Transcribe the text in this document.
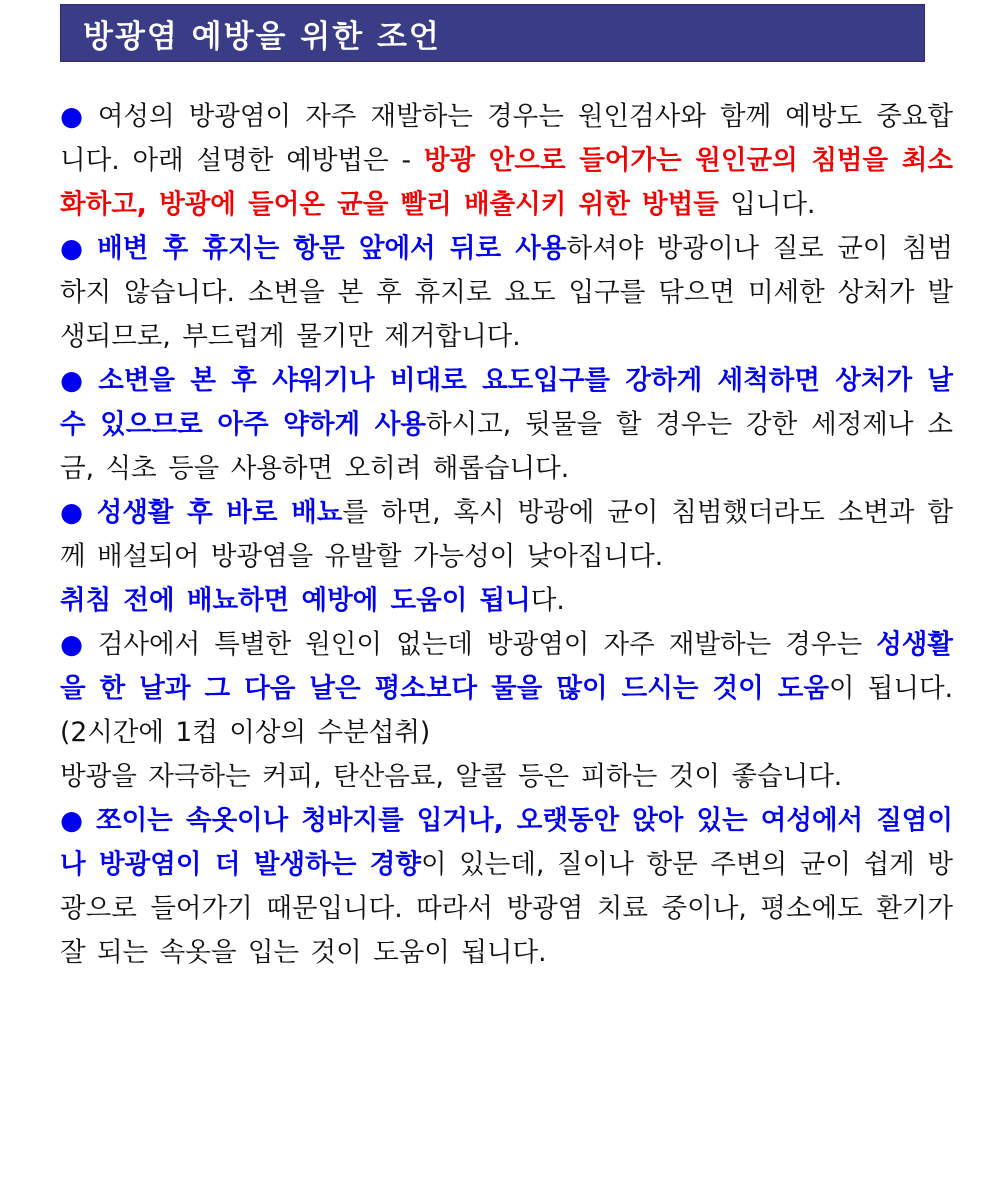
방광염 예방을 위한 조언

● 여성의 방광염이 자주 재발하는 경우는 원인검사와 함께 예방도 중요합니다. 아래 설명한 예방법은 - 방광 안으로 들어가는 원인균의 침범을 최소화하고, 방광에 들어온 균을 빨리 배출시키 위한 방법들 입니다.

● 배변 후 휴지는 항문 앞에서 뒤로 사용하셔야 방광이나 질로 균이 침범하지 않습니다. 소변을 본 후 휴지로 요도 입구를 닦으면 미세한 상처가 발생되므로, 부드럽게 물기만 제거합니다.

● 소변을 본 후 샤워기나 비대로 요도입구를 강하게 세척하면 상처가 날 수 있으므로 아주 약하게 사용하시고, 뒷물을 할 경우는 강한 세정제나 소금, 식초 등을 사용하면 오히려 해롭습니다.

● 성생활 후 바로 배뇨를 하면, 혹시 방광에 균이 침범했더라도 소변과 함께 배설되어 방광염을 유발할 가능성이 낮아집니다.

취침 전에 배뇨하면 예방에 도움이 됩니다.

● 검사에서 특별한 원인이 없는데 방광염이 자주 재발하는 경우는 성생활을 한 날과 그 다음 날은 평소보다 물을 많이 드시는 것이 도움이 됩니다. (2시간에 1컵 이상의 수분섭취)

방광을 자극하는 커피, 탄산음료, 알콜 등은 피하는 것이 좋습니다.

● 쪼이는 속옷이나 청바지를 입거나, 오랫동안 앉아 있는 여성에서 질염이나 방광염이 더 발생하는 경향이 있는데, 질이나 항문 주변의 균이 쉽게 방광으로 들어가기 때문입니다. 따라서 방광염 치료 중이나, 평소에도 환기가 잘 되는 속옷을 입는 것이 도움이 됩니다.
